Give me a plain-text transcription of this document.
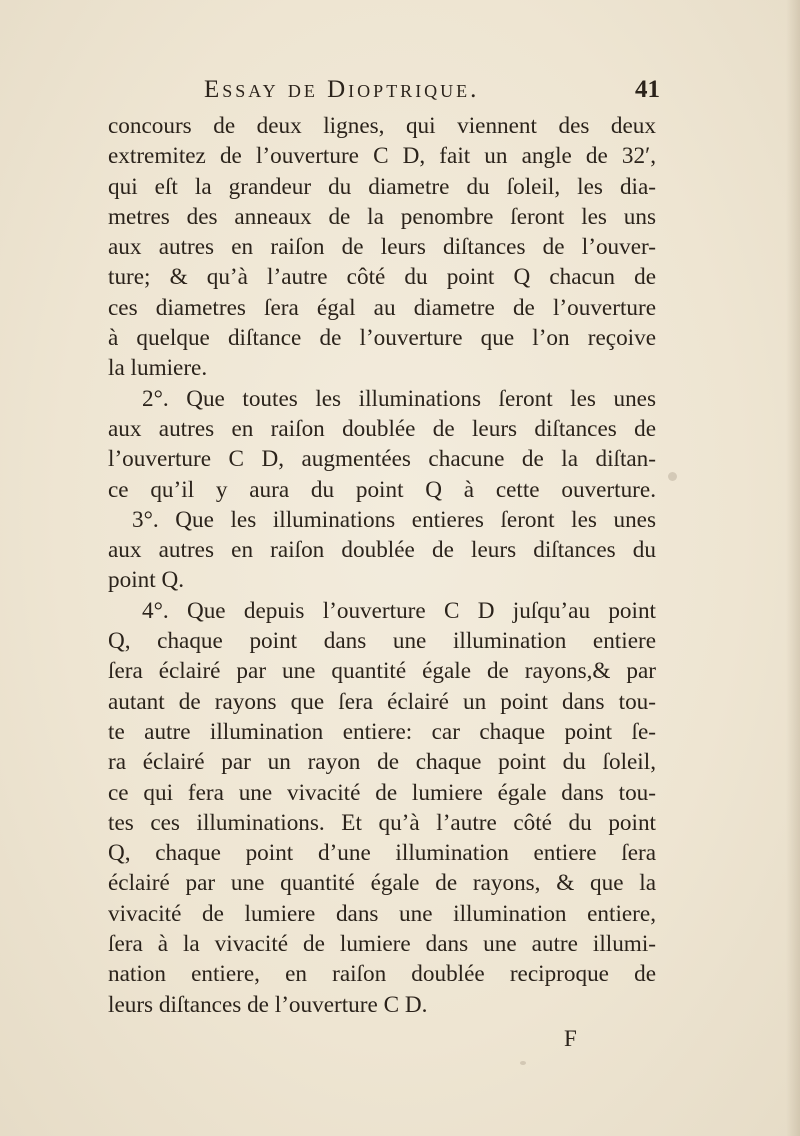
Essay de Dioptrique.	41
concours de deux lignes, qui viennent des deux
extremitez de l’ouverture C D, fait un angle de 32′,
qui eſt la grandeur du diametre du ſoleil, les dia-
metres des anneaux de la penombre ſeront les uns
aux autres en raiſon de leurs diſtances de l’ouver-
ture; & qu’à l’autre côté du point Q chacun de
ces diametres ſera égal au diametre de l’ouverture
à quelque diſtance de l’ouverture que l’on reçoive
la lumiere.
2°. Que toutes les illuminations ſeront les unes
aux autres en raiſon doublée de leurs diſtances de
l’ouverture C D, augmentées chacune de la diſtan-
ce qu’il y aura du point Q à cette ouverture.
3°. Que les illuminations entieres ſeront les unes
aux autres en raiſon doublée de leurs diſtances du
point Q.
4°. Que depuis l’ouverture C D juſqu’au point
Q, chaque point dans une illumination entiere
ſera éclairé par une quantité égale de rayons,& par
autant de rayons que ſera éclairé un point dans tou-
te autre illumination entiere: car chaque point ſe-
ra éclairé par un rayon de chaque point du ſoleil,
ce qui fera une vivacité de lumiere égale dans tou-
tes ces illuminations. Et qu’à l’autre côté du point
Q, chaque point d’une illumination entiere ſera
éclairé par une quantité égale de rayons, & que la
vivacité de lumiere dans une illumination entiere,
ſera à la vivacité de lumiere dans une autre illumi-
nation entiere, en raiſon doublée reciproque de
leurs diſtances de l’ouverture C D.
F
